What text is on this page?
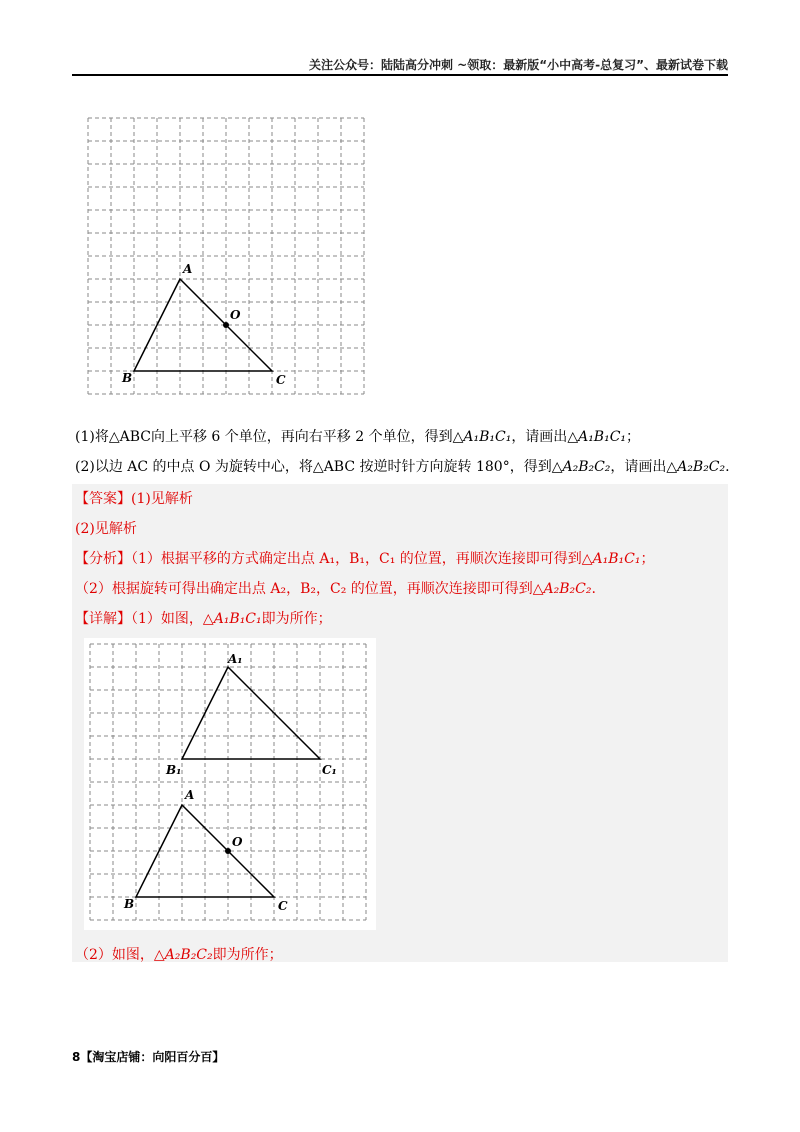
关注公众号：陆陆高分冲刺 ~领取：最新版“小中高考-总复习”、最新试卷下载
A
B	C
O
(1)将△ABC向上平移 6 个单位，再向右平移 2 个单位，得到△A₁B₁C₁，请画出△A₁B₁C₁；
(2)以边 AC 的中点 O 为旋转中心，将△ABC 按逆时针方向旋转 180°，得到△A₂B₂C₂，请画出△A₂B₂C₂.
【答案】(1)见解析
(2)见解析
【分析】（1）根据平移的方式确定出点 A₁，B₁，C₁ 的位置，再顺次连接即可得到△A₁B₁C₁；
（2）根据旋转可得出确定出点 A₂，B₂，C₂ 的位置，再顺次连接即可得到△A₂B₂C₂.
【详解】（1）如图，△A₁B₁C₁即为所作；
A₁
B₁	C₁
A
B	C
O
（2）如图，△A₂B₂C₂即为所作；
8【淘宝店铺：向阳百分百】
